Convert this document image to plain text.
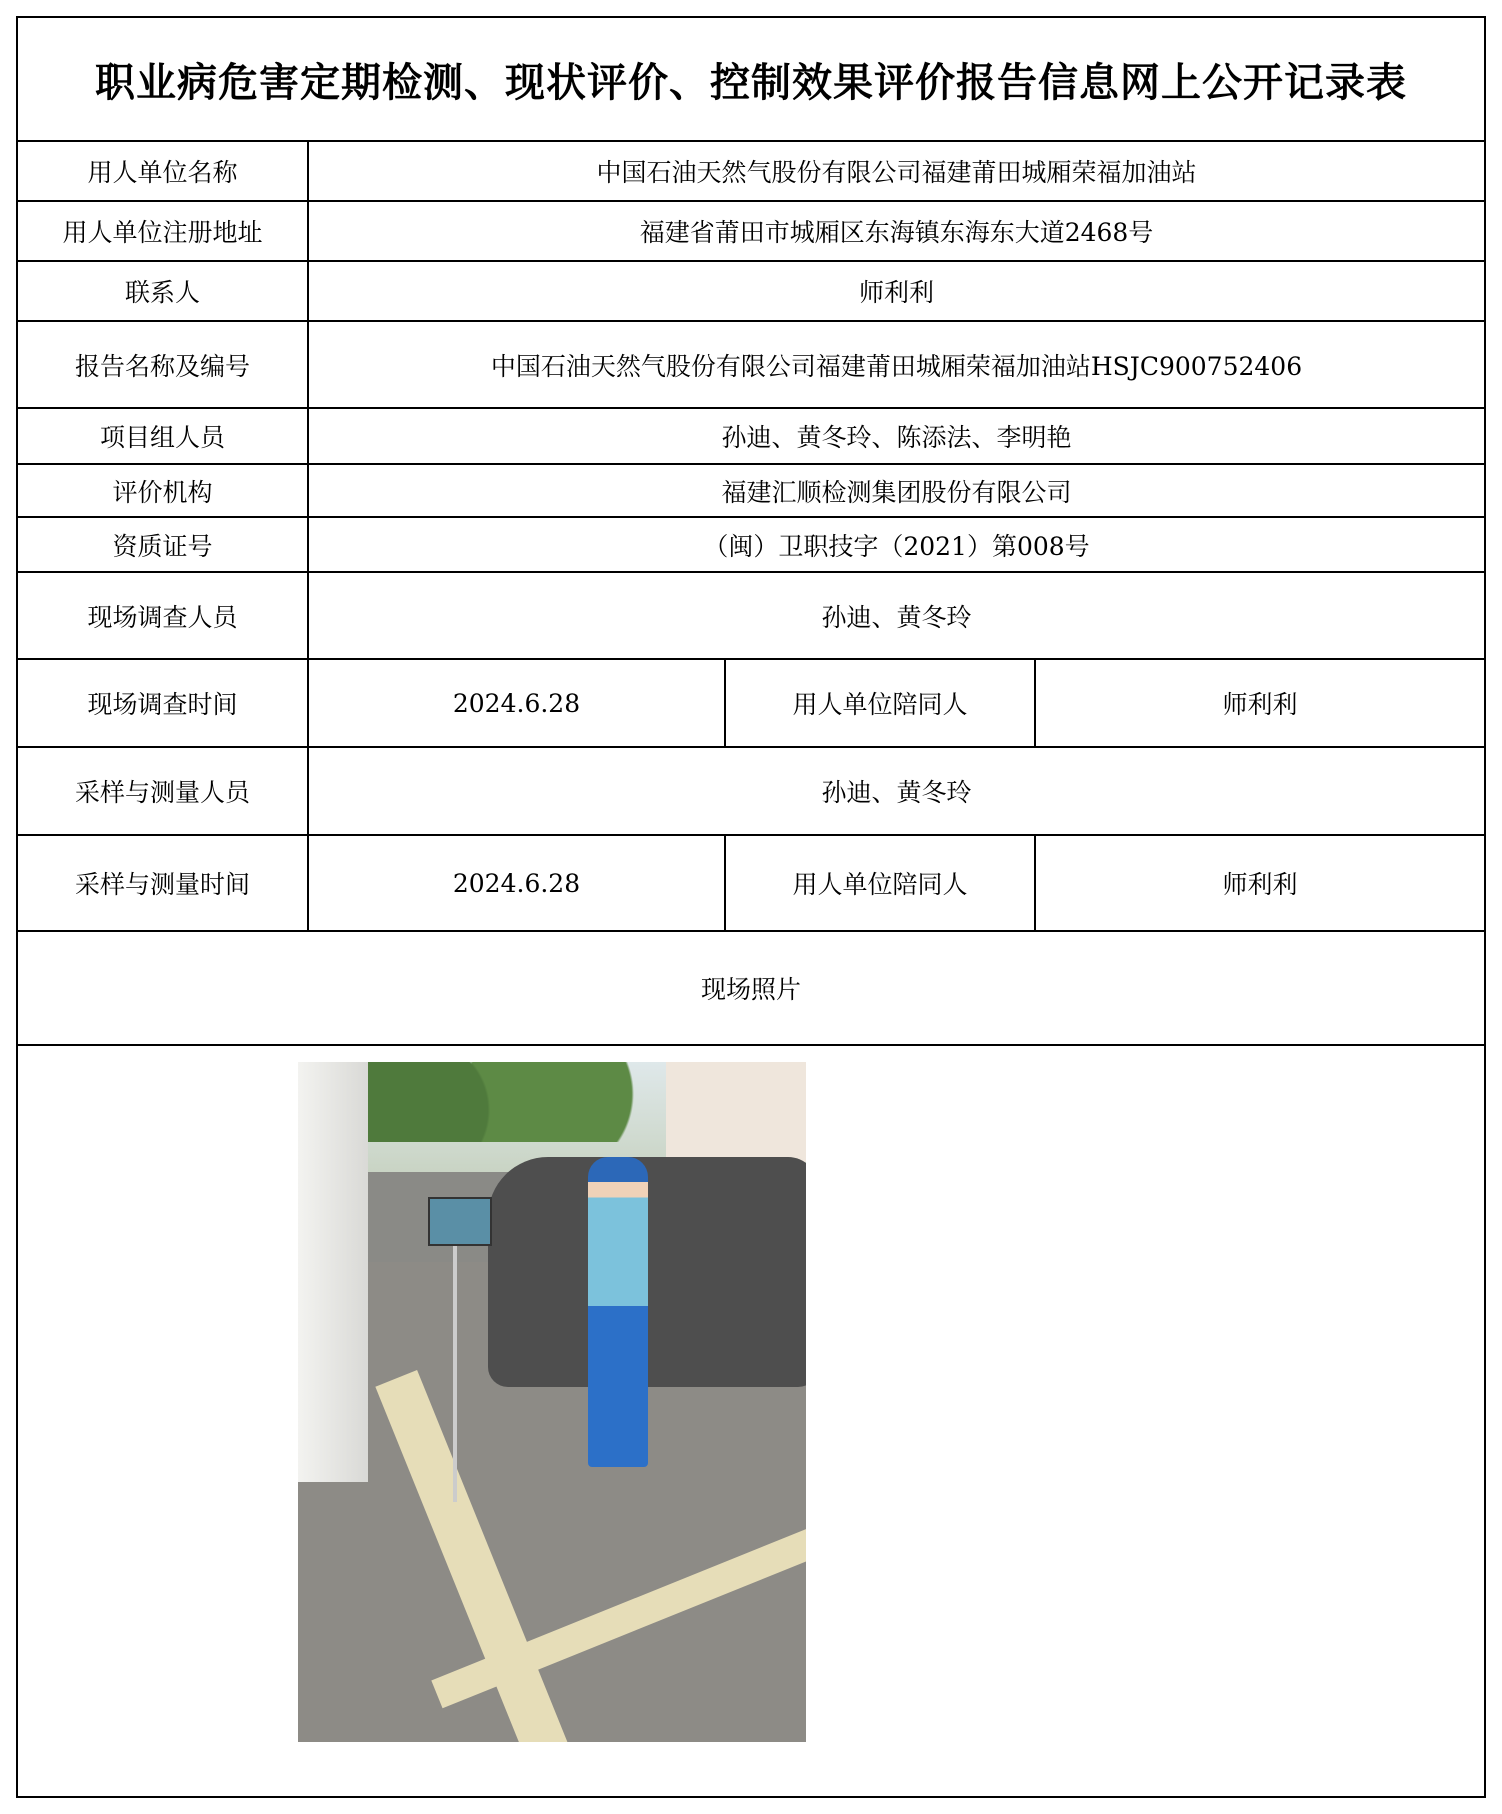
职业病危害定期检测、现状评价、控制效果评价报告信息网上公开记录表			
用人单位名称	中国石油天然气股份有限公司福建莆田城厢荣福加油站		
用人单位注册地址	福建省莆田市城厢区东海镇东海东大道2468号		
联系人	师利利		
报告名称及编号	中国石油天然气股份有限公司福建莆田城厢荣福加油站HSJC900752406		
项目组人员	孙迪、黄冬玲、陈添法、李明艳		
评价机构	福建汇顺检测集团股份有限公司		
资质证号	（闽）卫职技字（2021）第008号		
现场调查人员	孙迪、黄冬玲		
现场调查时间	2024.6.28	用人单位陪同人	师利利
采样与测量人员	孙迪、黄冬玲		
采样与测量时间	2024.6.28	用人单位陪同人	师利利
现场照片			
